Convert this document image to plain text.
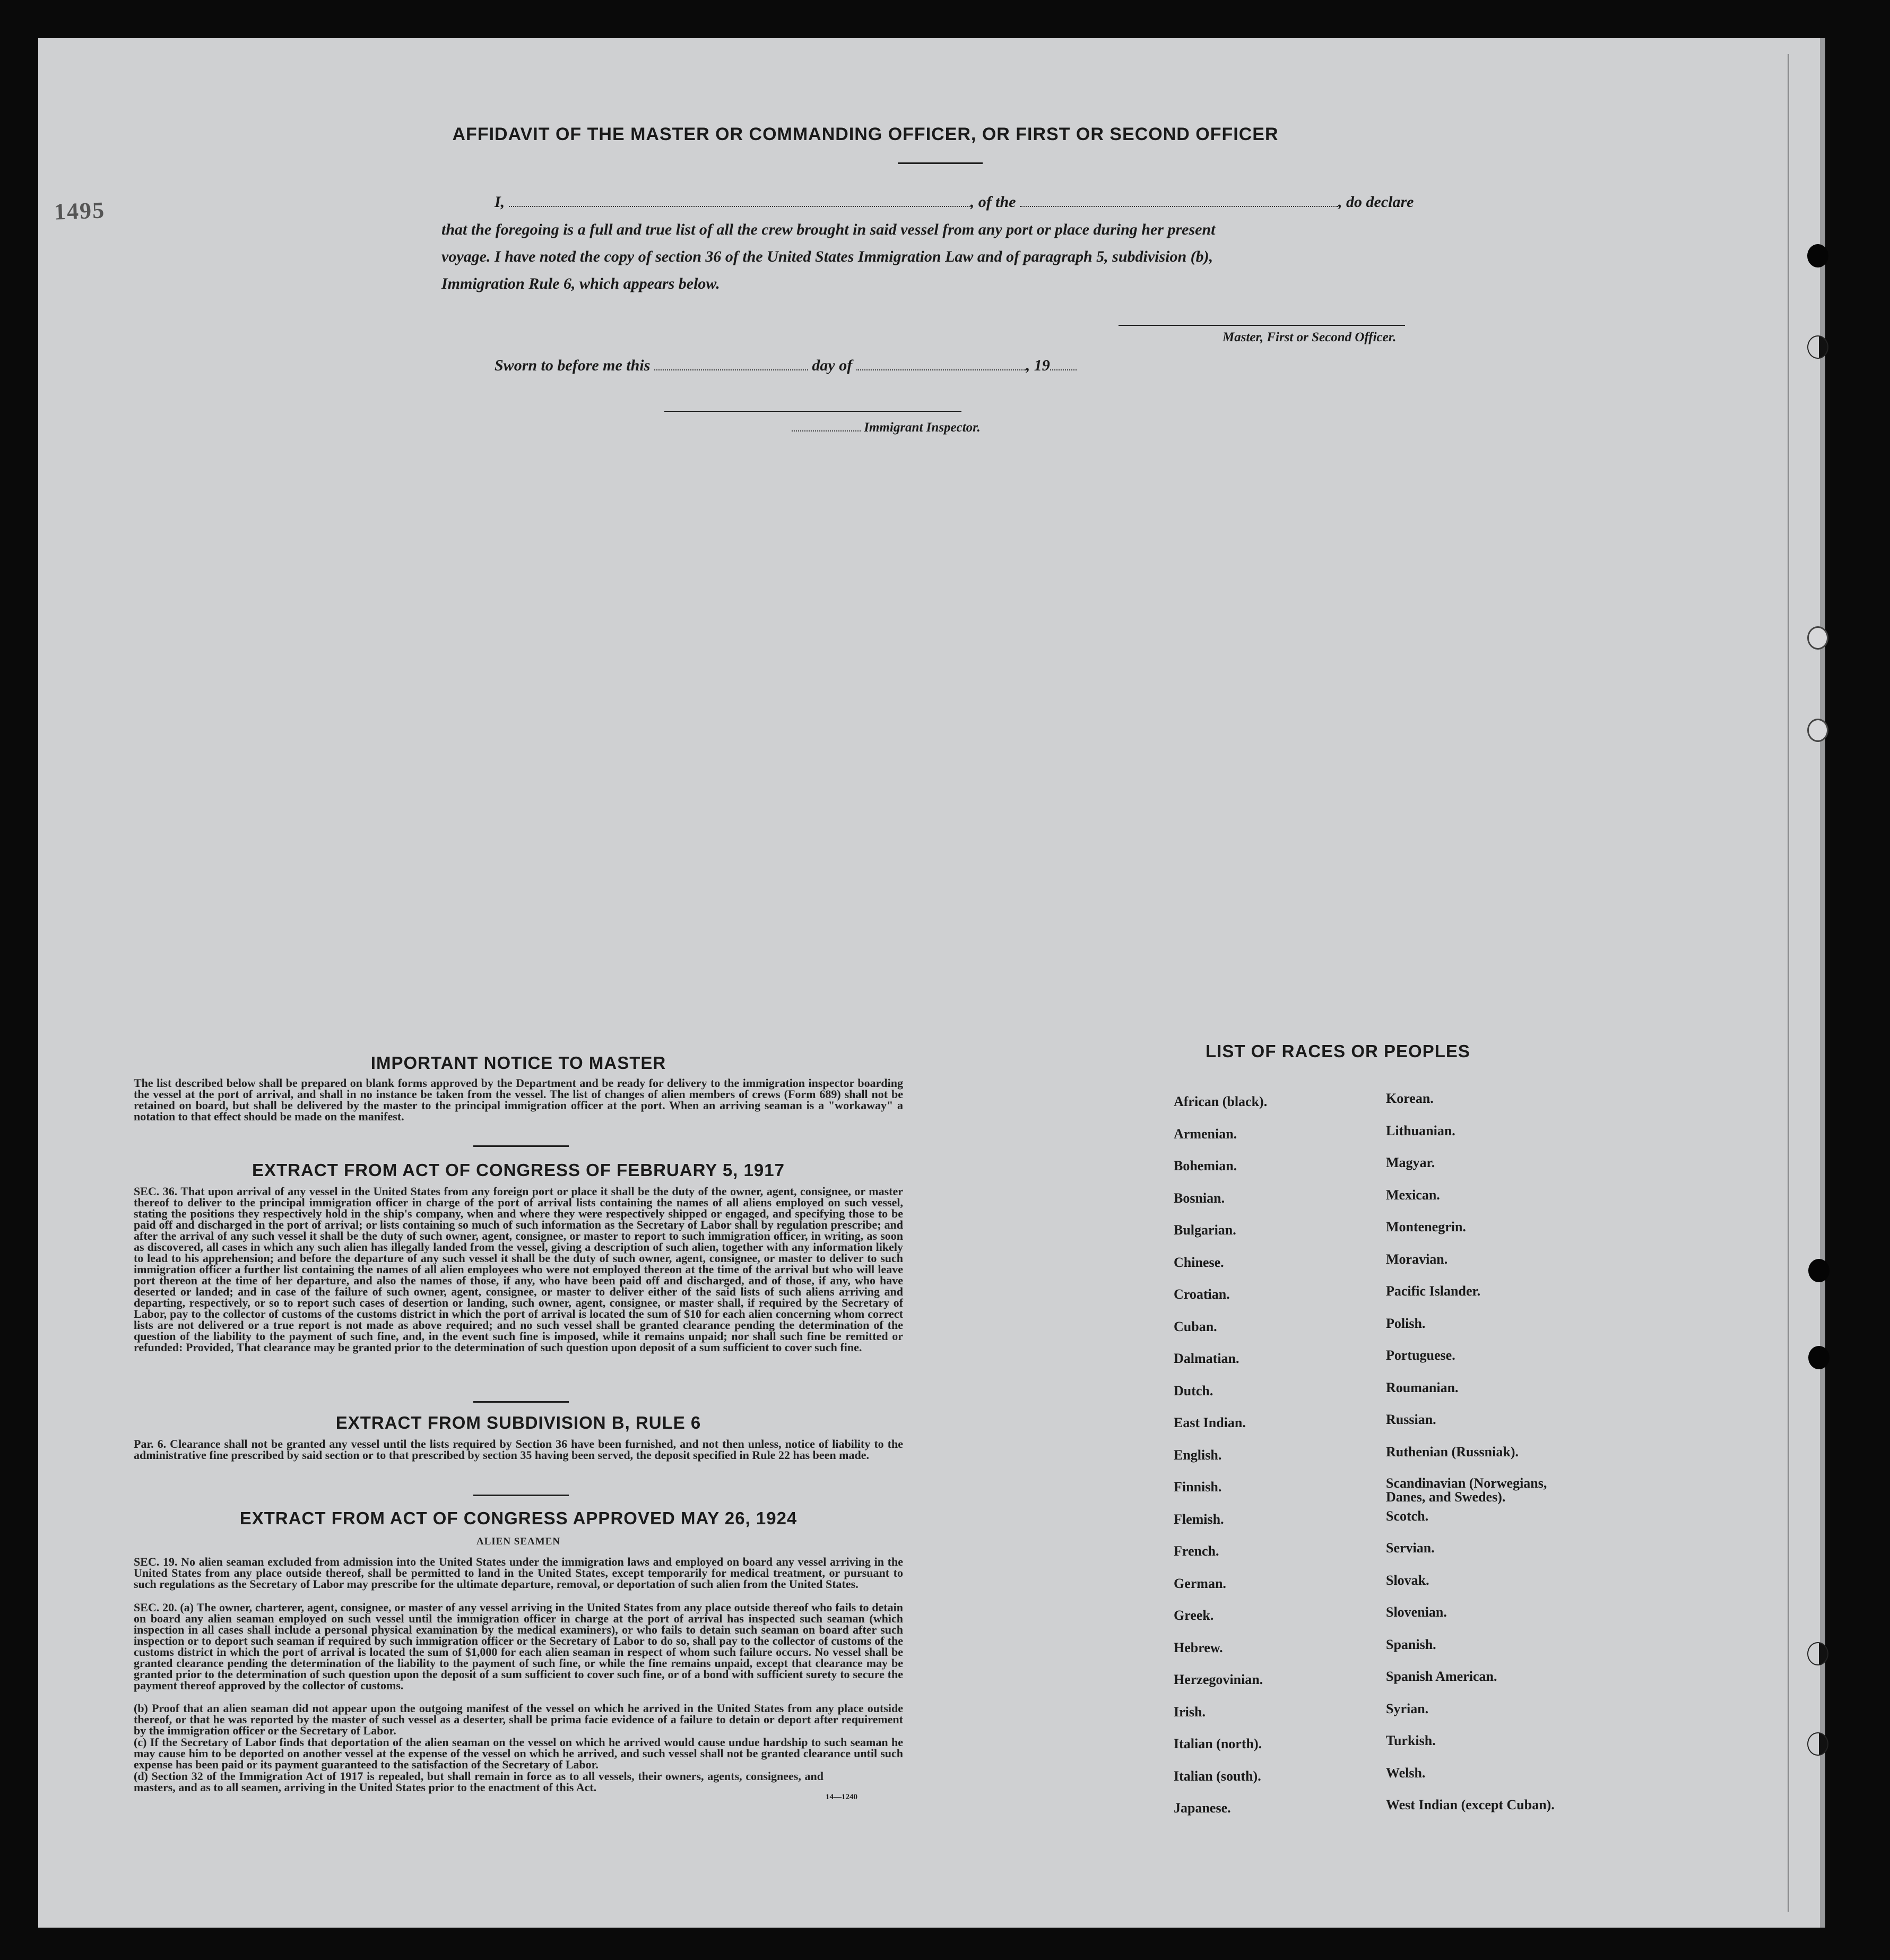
1495
AFFIDAVIT OF THE MASTER OR COMMANDING OFFICER, OR FIRST OR SECOND OFFICER
I,	, of the	, do declare
that the foregoing is a full and true list of all the crew brought in said vessel from any port or place during her present
voyage. I have noted the copy of section 36 of the United States Immigration Law and of paragraph 5, subdivision (b),
Immigration Rule 6, which appears below.
Master, First or Second Officer.
Sworn to before me this	day of	, 19
Immigrant Inspector.
IMPORTANT NOTICE TO MASTER
The list described below shall be prepared on blank forms approved by the Department and be ready for delivery to the immigration inspector boarding the vessel at the port of arrival, and shall in no instance be taken from the vessel. The list of changes of alien members of crews (Form 689) shall not be retained on board, but shall be delivered by the master to the principal immigration officer at the port. When an arriving seaman is a "workaway" a notation to that effect should be made on the manifest.
EXTRACT FROM ACT OF CONGRESS OF FEBRUARY 5, 1917
SEC. 36. That upon arrival of any vessel in the United States from any foreign port or place it shall be the duty of the owner, agent, consignee, or master thereof to deliver to the principal immigration officer in charge of the port of arrival lists containing the names of all aliens employed on such vessel, stating the positions they respectively hold in the ship's company, when and where they were respectively shipped or engaged, and specifying those to be paid off and discharged in the port of arrival; or lists containing so much of such information as the Secretary of Labor shall by regulation prescribe; and after the arrival of any such vessel it shall be the duty of such owner, agent, consignee, or master to report to such immigration officer, in writing, as soon as discovered, all cases in which any such alien has illegally landed from the vessel, giving a description of such alien, together with any information likely to lead to his apprehension; and before the departure of any such vessel it shall be the duty of such owner, agent, consignee, or master to deliver to such immigration officer a further list containing the names of all alien employees who were not employed thereon at the time of the arrival but who will leave port thereon at the time of her departure, and also the names of those, if any, who have been paid off and discharged, and of those, if any, who have deserted or landed; and in case of the failure of such owner, agent, consignee, or master to deliver either of the said lists of such aliens arriving and departing, respectively, or so to report such cases of desertion or landing, such owner, agent, consignee, or master shall, if required by the Secretary of Labor, pay to the collector of customs of the customs district in which the port of arrival is located the sum of $10 for each alien concerning whom correct lists are not delivered or a true report is not made as above required; and no such vessel shall be granted clearance pending the determination of the question of the liability to the payment of such fine, and, in the event such fine is imposed, while it remains unpaid; nor shall such fine be remitted or refunded: Provided, That clearance may be granted prior to the determination of such question upon deposit of a sum sufficient to cover such fine.
EXTRACT FROM SUBDIVISION B, RULE 6
Par. 6. Clearance shall not be granted any vessel until the lists required by Section 36 have been furnished, and not then unless, notice of liability to the administrative fine prescribed by said section or to that prescribed by section 35 having been served, the deposit specified in Rule 22 has been made.
EXTRACT FROM ACT OF CONGRESS APPROVED MAY 26, 1924
ALIEN SEAMEN
SEC. 19. No alien seaman excluded from admission into the United States under the immigration laws and employed on board any vessel arriving in the United States from any place outside thereof, shall be permitted to land in the United States, except temporarily for medical treatment, or pursuant to such regulations as the Secretary of Labor may prescribe for the ultimate departure, removal, or deportation of such alien from the United States.
SEC. 20. (a) The owner, charterer, agent, consignee, or master of any vessel arriving in the United States from any place outside thereof who fails to detain on board any alien seaman employed on such vessel until the immigration officer in charge at the port of arrival has inspected such seaman (which inspection in all cases shall include a personal physical examination by the medical examiners), or who fails to detain such seaman on board after such inspection or to deport such seaman if required by such immigration officer or the Secretary of Labor to do so, shall pay to the collector of customs of the customs district in which the port of arrival is located the sum of $1,000 for each alien seaman in respect of whom such failure occurs. No vessel shall be granted clearance pending the determination of the liability to the payment of such fine, or while the fine remains unpaid, except that clearance may be granted prior to the determination of such question upon the deposit of a sum sufficient to cover such fine, or of a bond with sufficient surety to secure the payment thereof approved by the collector of customs.
(b) Proof that an alien seaman did not appear upon the outgoing manifest of the vessel on which he arrived in the United States from any place outside thereof, or that he was reported by the master of such vessel as a deserter, shall be prima facie evidence of a failure to detain or deport after requirement by the immigration officer or the Secretary of Labor.
(c) If the Secretary of Labor finds that deportation of the alien seaman on the vessel on which he arrived would cause undue hardship to such seaman he may cause him to be deported on another vessel at the expense of the vessel on which he arrived, and such vessel shall not be granted clearance until such expense has been paid or its payment guaranteed to the satisfaction of the Secretary of Labor.
(d) Section 32 of the Immigration Act of 1917 is repealed, but shall remain in force as to all vessels, their owners, agents, consignees, and masters, and as to all seamen, arriving in the United States prior to the enactment of this Act.
14—1240
LIST OF RACES OR PEOPLES
African (black).
Armenian.
Bohemian.
Bosnian.
Bulgarian.
Chinese.
Croatian.
Cuban.
Dalmatian.
Dutch.
East Indian.
English.
Finnish.
Flemish.
French.
German.
Greek.
Hebrew.
Herzegovinian.
Irish.
Italian (north).
Italian (south).
Japanese.
Korean.
Lithuanian.
Magyar.
Mexican.
Montenegrin.
Moravian.
Pacific Islander.
Polish.
Portuguese.
Roumanian.
Russian.
Ruthenian (Russniak).
Scandinavian (Norwegians, Danes, and Swedes).
Scotch.
Servian.
Slovak.
Slovenian.
Spanish.
Spanish American.
Syrian.
Turkish.
Welsh.
West Indian (except Cuban).
